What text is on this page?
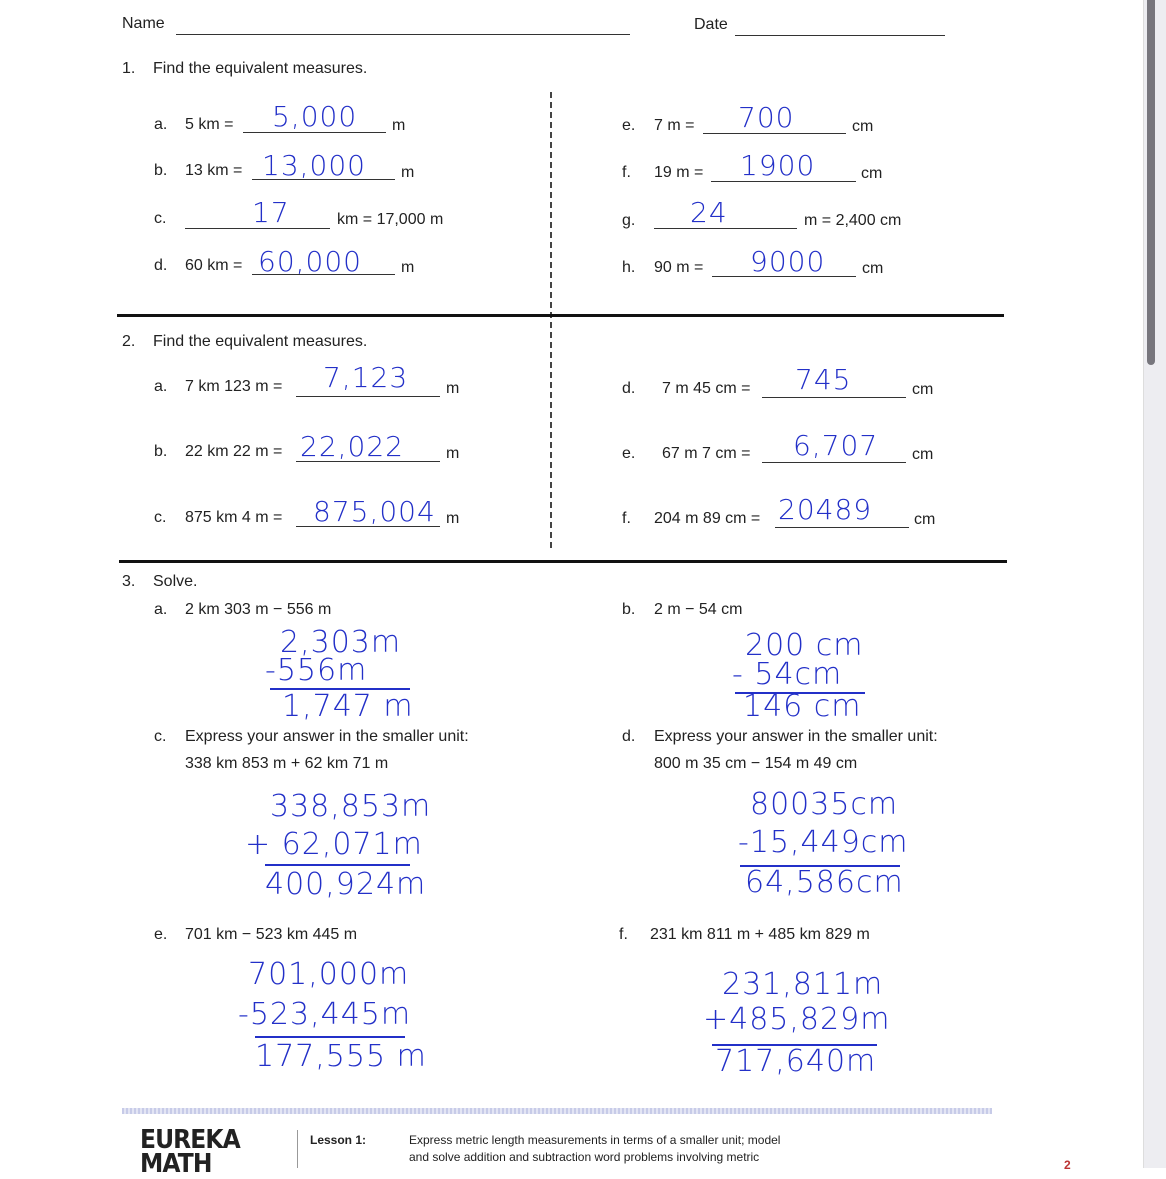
Name	Date
1. Find the equivalent measures.
a. 5 km = 5,000 m
b. 13 km = 13,000 m
c.	17	km = 17,000 m
d. 60 km = 60,000 m
e. 7 m = 700	cm
f. 19 m = 1900	cm
g. 24	m = 2,400 cm
h. 90 m = 9000 cm
2. Find the equivalent measures.
a. 7 km 123 m = 7,123 m
b. 22 km 22 m = 22,022	m
c. 875 km 4 m = 875,004 m
d. 7 m 45 cm = 745	cm
e. 67 m 7 cm = 6,707 cm
f. 204 m 89 cm = 20489	cm
3. Solve.
a. 2 km 303 m − 556 m
2,303m
-556m
1,747 m
b. 2 m − 54 cm
200 cm
- 54cm
146 cm
c. Express your answer in the smaller unit:
338 km 853 m + 62 km 71 m
338,853m
+ 62,071m
400,924m
d. Express your answer in the smaller unit:
800 m 35 cm − 154 m 49 cm
80035cm
-15,449cm
64,586cm
e. 701 km − 523 km 445 m
701,000m
-523,445m
177,555 m
f. 231 km 811 m + 485 km 829 m
231,811m
+485,829m
717,640m
EUREKA MATH
Lesson 1:	Express metric length measurements in terms of a smaller unit; model
and solve addition and subtraction word problems involving metric
2
